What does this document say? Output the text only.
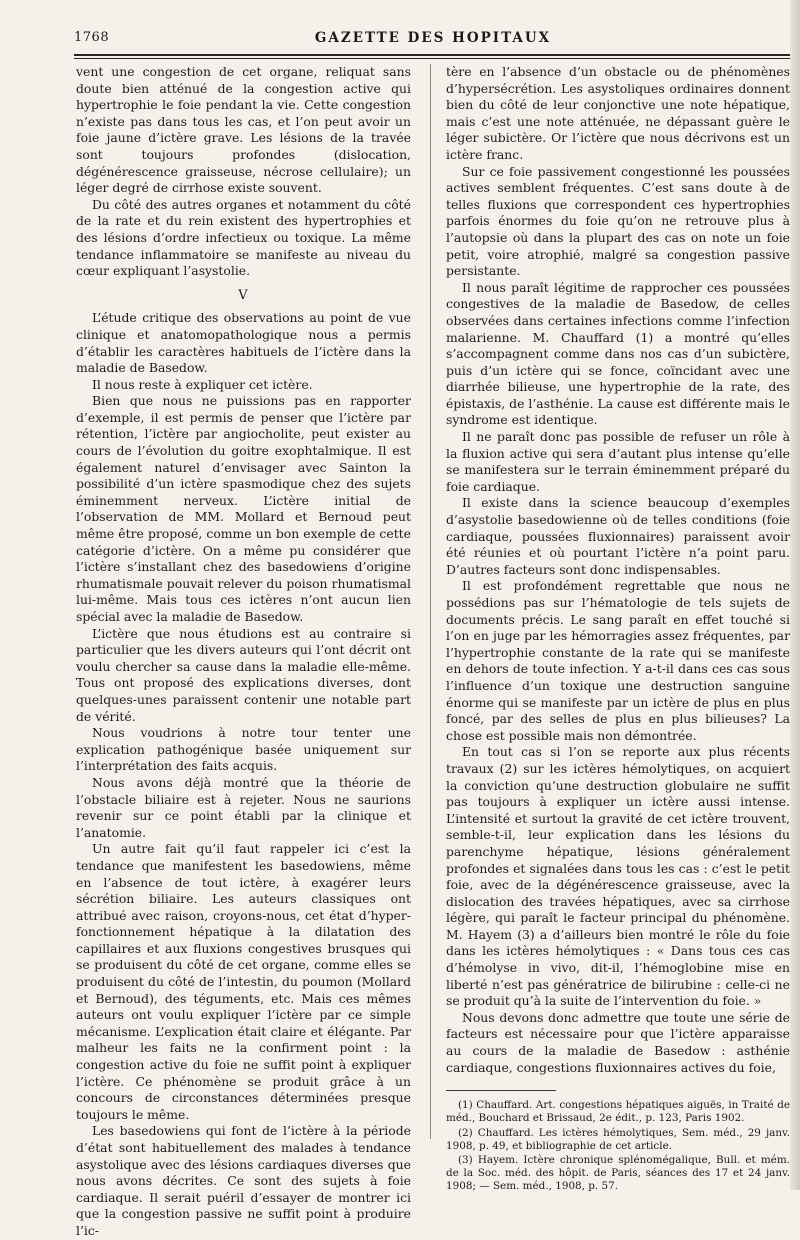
1768	GAZETTE DES HOPITAUX

vent une congestion de cet organe, reliquat sans doute bien atténué de la congestion active qui hypertrophie le foie pendant la vie. Cette congestion n’existe pas dans tous les cas, et l’on peut avoir un foie jaune d’ictère grave. Les lésions de la travée sont toujours profondes (dislocation, dégénérescence graisseuse, nécrose cellulaire); un léger degré de cirrhose existe souvent.

Du côté des autres organes et notamment du côté de la rate et du rein existent des hypertrophies et des lésions d’ordre infectieux ou toxique. La même tendance inflammatoire se manifeste au niveau du cœur expliquant l’asystolie.

V

L’étude critique des observations au point de vue clinique et anatomopathologique nous a permis d’établir les caractères habituels de l’ictère dans la maladie de Basedow.

Il nous reste à expliquer cet ictère.

Bien que nous ne puissions pas en rapporter d’exemple, il est permis de penser que l’ictère par rétention, l’ictère par angiocholite, peut exister au cours de l’évolution du goitre exophtalmique. Il est également naturel d’envisager avec Sainton la possibilité d’un ictère spasmodique chez des sujets éminemment nerveux. L’ictère initial de l’observation de MM. Mollard et Bernoud peut même être proposé, comme un bon exemple de cette catégorie d’ictère. On a même pu considérer que l’ictère s’installant chez des basedowiens d’origine rhumatismale pouvait relever du poison rhumatismal lui-même. Mais tous ces ictères n’ont aucun lien spécial avec la maladie de Basedow.

L’ictère que nous étudions est au contraire si particulier que les divers auteurs qui l’ont décrit ont voulu chercher sa cause dans la maladie elle-même. Tous ont proposé des explications diverses, dont quelques-unes paraissent contenir une notable part de vérité.

Nous voudrions à notre tour tenter une explication pathogénique basée uniquement sur l’interprétation des faits acquis.

Nous avons déjà montré que la théorie de l’obstacle biliaire est à rejeter. Nous ne saurions revenir sur ce point établi par la clinique et l’anatomie.

Un autre fait qu’il faut rappeler ici c’est la tendance que manifestent les basedowiens, même en l’absence de tout ictère, à exagérer leurs sécrétion biliaire. Les auteurs classiques ont attribué avec raison, croyons-nous, cet état d’hyper-fonctionnement hépatique à la dilatation des capillaires et aux fluxions congestives brusques qui se produisent du côté de cet organe, comme elles se produisent du côté de l’intestin, du poumon (Mollard et Bernoud), des téguments, etc. Mais ces mêmes auteurs ont voulu expliquer l’ictère par ce simple mécanisme. L’explication était claire et élégante. Par malheur les faits ne la confirment point : la congestion active du foie ne suffit point à expliquer l’ictère. Ce phénomène se produit grâce à un concours de circonstances déterminées presque toujours le même.

Les basedowiens qui font de l’ictère à la période d’état sont habituellement des malades à tendance asystolique avec des lésions cardiaques diverses que nous avons décrites. Ce sont des sujets à foie cardiaque. Il serait puéril d’essayer de montrer ici que la congestion passive ne suffit point à produire l’ic-

tère en l’absence d’un obstacle ou de phénomènes d’hypersécrétion. Les asystoliques ordinaires donnent bien du côté de leur conjonctive une note hépatique, mais c’est une note atténuée, ne dépassant guère le léger subictère. Or l’ictère que nous décrivons est un ictère franc.

Sur ce foie passivement congestionné les poussées actives semblent fréquentes. C’est sans doute à de telles fluxions que correspondent ces hypertrophies parfois énormes du foie qu’on ne retrouve plus à l’autopsie où dans la plupart des cas on note un foie petit, voire atrophié, malgré sa congestion passive persistante.

Il nous paraît légitime de rapprocher ces poussées congestives de la maladie de Basedow, de celles observées dans certaines infections comme l’infection malarienne. M. Chauffard (1) a montré qu’elles s’accompagnent comme dans nos cas d’un subictère, puis d’un ictère qui se fonce, coïncidant avec une diarrhée bilieuse, une hypertrophie de la rate, des épistaxis, de l’asthénie. La cause est différente mais le syndrome est identique.

Il ne paraît donc pas possible de refuser un rôle à la fluxion active qui sera d’autant plus intense qu’elle se manifestera sur le terrain éminemment préparé du foie cardiaque.

Il existe dans la science beaucoup d’exemples d’asystolie basedowienne où de telles conditions (foie cardiaque, poussées fluxionnaires) paraissent avoir été réunies et où pourtant l’ictère n’a point paru. D’autres facteurs sont donc indispensables.

Il est profondément regrettable que nous ne possédions pas sur l’hématologie de tels sujets de documents précis. Le sang paraît en effet touché si l’on en juge par les hémorragies assez fréquentes, par l’hypertrophie constante de la rate qui se manifeste en dehors de toute infection. Y a-t-il dans ces cas sous l’influence d’un toxique une destruction sanguine énorme qui se manifeste par un ictère de plus en plus foncé, par des selles de plus en plus bilieuses? La chose est possible mais non démontrée.

En tout cas si l’on se reporte aux plus récents travaux (2) sur les ictères hémolytiques, on acquiert la conviction qu’une destruction globulaire ne suffit pas toujours à expliquer un ictère aussi intense. L’intensité et surtout la gravité de cet ictère trouvent, semble-t-il, leur explication dans les lésions du parenchyme hépatique, lésions généralement profondes et signalées dans tous les cas : c’est le petit foie, avec de la dégénérescence graisseuse, avec la dislocation des travées hépatiques, avec sa cirrhose légère, qui paraît le facteur principal du phénomène. M. Hayem (3) a d’ailleurs bien montré le rôle du foie dans les ictères hémolytiques : « Dans tous ces cas d’hémolyse in vivo, dit-il, l’hémoglobine mise en liberté n’est pas génératrice de bilirubine : celle-ci ne se produit qu’à la suite de l’intervention du foie. »

Nous devons donc admettre que toute une série de facteurs est nécessaire pour que l’ictère apparaisse au cours de la maladie de Basedow : asthénie cardiaque, congestions fluxionnaires actives du foie,

(1) Chauffard. Art. congestions hépatiques aiguës, in Traité de méd., Bouchard et Brissaud, 2e édit., p. 123, Paris 1902.

(2) Chauffard. Les ictères hémolytiques, Sem. méd., 29 janv. 1908, p. 49, et bibliographie de cet article.

(3) Hayem. Ictère chronique splénomégalique, Bull. et mém. de la Soc. méd. des hôpit. de Paris, séances des 17 et 24 janv. 1908; — Sem. méd., 1908, p. 57.
